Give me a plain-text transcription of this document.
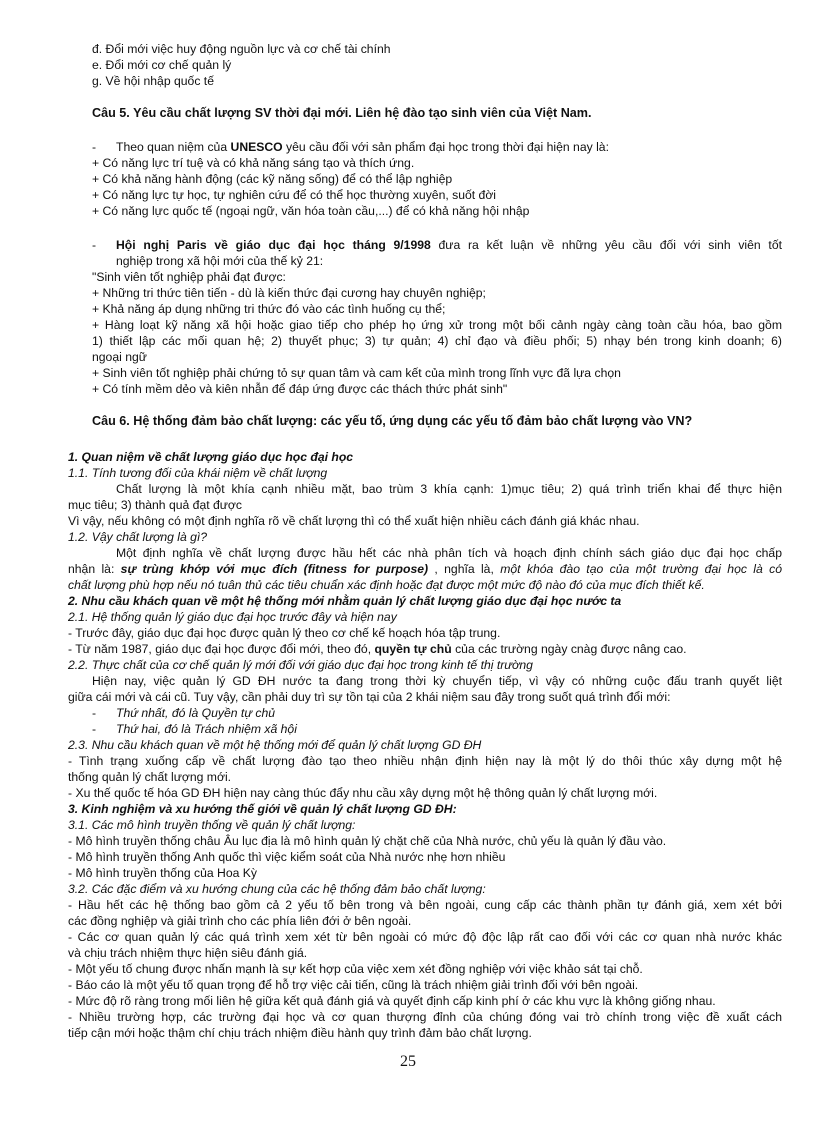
đ. Đổi mới việc huy động nguồn lực và cơ chế tài chính
e. Đổi mới cơ chế quản lý
g. Về hội nhập quốc tế
Câu 5. Yêu cầu chất lượng SV thời đại mới. Liên hệ đào tạo sinh viên của Việt Nam.
- Theo quan niệm của UNESCO yêu cầu đối với sản phẩm đại học trong thời đại hiện nay là:
+ Có năng lực trí tuệ và có khả năng sáng tạo và thích ứng.
+ Có khả năng hành động (các kỹ năng sống) để có thể lập nghiệp
+ Có năng lực tự học, tự nghiên cứu để có thể học thường xuyên, suốt đời
+ Có năng lực quốc tế (ngoại ngữ, văn hóa toàn cầu,...) để có khả năng hội nhập
- Hội nghị Paris về giáo dục đại học tháng 9/1998 đưa ra kết luận về những yêu cầu đối với sinh viên tốt
nghiệp trong xã hội mới của thế kỷ 21:
"Sinh viên tốt nghiệp phải đạt được:
+ Những tri thức tiên tiến - dù là kiến thức đại cương hay chuyên nghiệp;
+ Khả năng áp dụng những tri thức đó vào các tình huống cụ thể;
+ Hàng loạt kỹ năng xã hội hoặc giao tiếp cho phép họ ứng xử trong một bối cảnh ngày càng toàn cầu hóa, bao gồm
1) thiết lập các mối quan hệ; 2) thuyết phục; 3) tự quản; 4) chỉ đạo và điều phối; 5) nhạy bén trong kinh doanh; 6)
ngoại ngữ
+ Sinh viên tốt nghiệp phải chứng tỏ sự quan tâm và cam kết của mình trong lĩnh vực đã lựa chọn
+ Có tính mềm dẻo và kiên nhẫn để đáp ứng được các thách thức phát sinh"
Câu 6. Hệ thống đảm bảo chất lượng: các yếu tố, ứng dụng các yếu tố đảm bảo chất lượng vào VN?
1. Quan niệm về chất lượng giáo dục học đại học
1.1. Tính tương đối của khái niệm về chất lượng
Chất lượng là một khía cạnh nhiều mặt, bao trùm 3 khía cạnh: 1)mục tiêu; 2) quá trình triển khai để thực hiện
mục tiêu; 3) thành quả đạt được
Vì vậy, nếu không có một định nghĩa rõ về chất lượng thì có thể xuất hiện nhiều cách đánh giá khác nhau.
1.2. Vậy chất lượng là gì?
Một định nghĩa về chất lượng được hầu hết các nhà phân tích và hoạch định chính sách giáo dục đại học chấp
nhận là: sự trùng khớp với mục đích (fitness for purpose) , nghĩa là, một khóa đào tạo của một trường đại học là có
chất lượng phù hợp nếu nó tuân thủ các tiêu chuẩn xác định hoặc đạt được một mức độ nào đó của mục đích thiết kế.
2. Nhu cầu khách quan về một hệ thống mới nhằm quản lý chất lượng giáo dục đại học nước ta
2.1. Hệ thống quản lý giáo dục đại học trước đây và hiện nay
- Trước đây, giáo dục đại học được quản lý theo cơ chế kế hoạch hóa tập trung.
- Từ năm 1987, giáo dục đại học được đổi mới, theo đó, quyền tự chủ của các trường ngày cnàg được nâng cao.
2.2. Thực chất của cơ chế quản lý mới đối với giáo dục đại học trong kinh tế thị trường
Hiện nay, việc quản lý GD ĐH nước ta đang trong thời kỳ chuyển tiếp, vì vậy có những cuộc đấu tranh quyết liệt
giữa cái mới và cái cũ. Tuy vậy, cần phải duy trì sự tồn tại của 2 khái niệm sau đây trong suốt quá trình đổi mới:
- Thứ nhất, đó là Quyền tự chủ
- Thứ hai, đó là Trách nhiệm xã hội
2.3. Nhu cầu khách quan về một hệ thống mới để quản lý chất lượng GD ĐH
- Tình trạng xuống cấp về chất lượng đào tạo theo nhiều nhận định hiện nay là một lý do thôi thúc xây dựng một hệ
thống quản lý chất lượng mới.
- Xu thế quốc tế hóa GD ĐH hiện nay càng thúc đẩy nhu cầu xây dựng một hệ thông quản lý chất lượng mới.
3. Kinh nghiệm và xu hướng thế giới về quản lý chất lượng GD ĐH:
3.1. Các mô hình truyền thống về quản lý chất lượng:
- Mô hình truyền thống châu Âu lục địa là mô hình quản lý chặt chẽ của Nhà nước, chủ yếu là quản lý đầu vào.
- Mô hình truyền thống Anh quốc thì việc kiểm soát của Nhà nước nhẹ hơn nhiều
- Mô hình truyền thống của Hoa Kỳ
3.2. Các đặc điểm và xu hướng chung của các hệ thống đảm bảo chất lượng:
- Hầu hết các hệ thống bao gồm cả 2 yếu tố bên trong và bên ngoài, cung cấp các thành phần tự đánh giá, xem xét bởi
các đồng nghiệp và giải trình cho các phía liên đới ở bên ngoài.
- Các cơ quan quản lý các quá trình xem xét từ bên ngoài có mức độ độc lập rất cao đối với các cơ quan nhà nước khác
và chịu trách nhiệm thực hiện siêu đánh giá.
- Một yếu tố chung được nhấn mạnh là sự kết hợp của việc xem xét đồng nghiệp với việc khảo sát tại chỗ.
- Báo cáo là một yếu tố quan trọng để hỗ trợ việc cải tiến, cũng là trách nhiệm giải trình đối với bên ngoài.
- Mức độ rõ ràng trong mối liên hệ giữa kết quả đánh giá và quyết định cấp kinh phí ở các khu vực là không giống nhau.
- Nhiều trường hợp, các trường đại học và cơ quan thượng đỉnh của chúng đóng vai trò chính trong việc đề xuất cách
tiếp cận mới hoặc thậm chí chịu trách nhiệm điều hành quy trình đảm bảo chất lượng.
25
